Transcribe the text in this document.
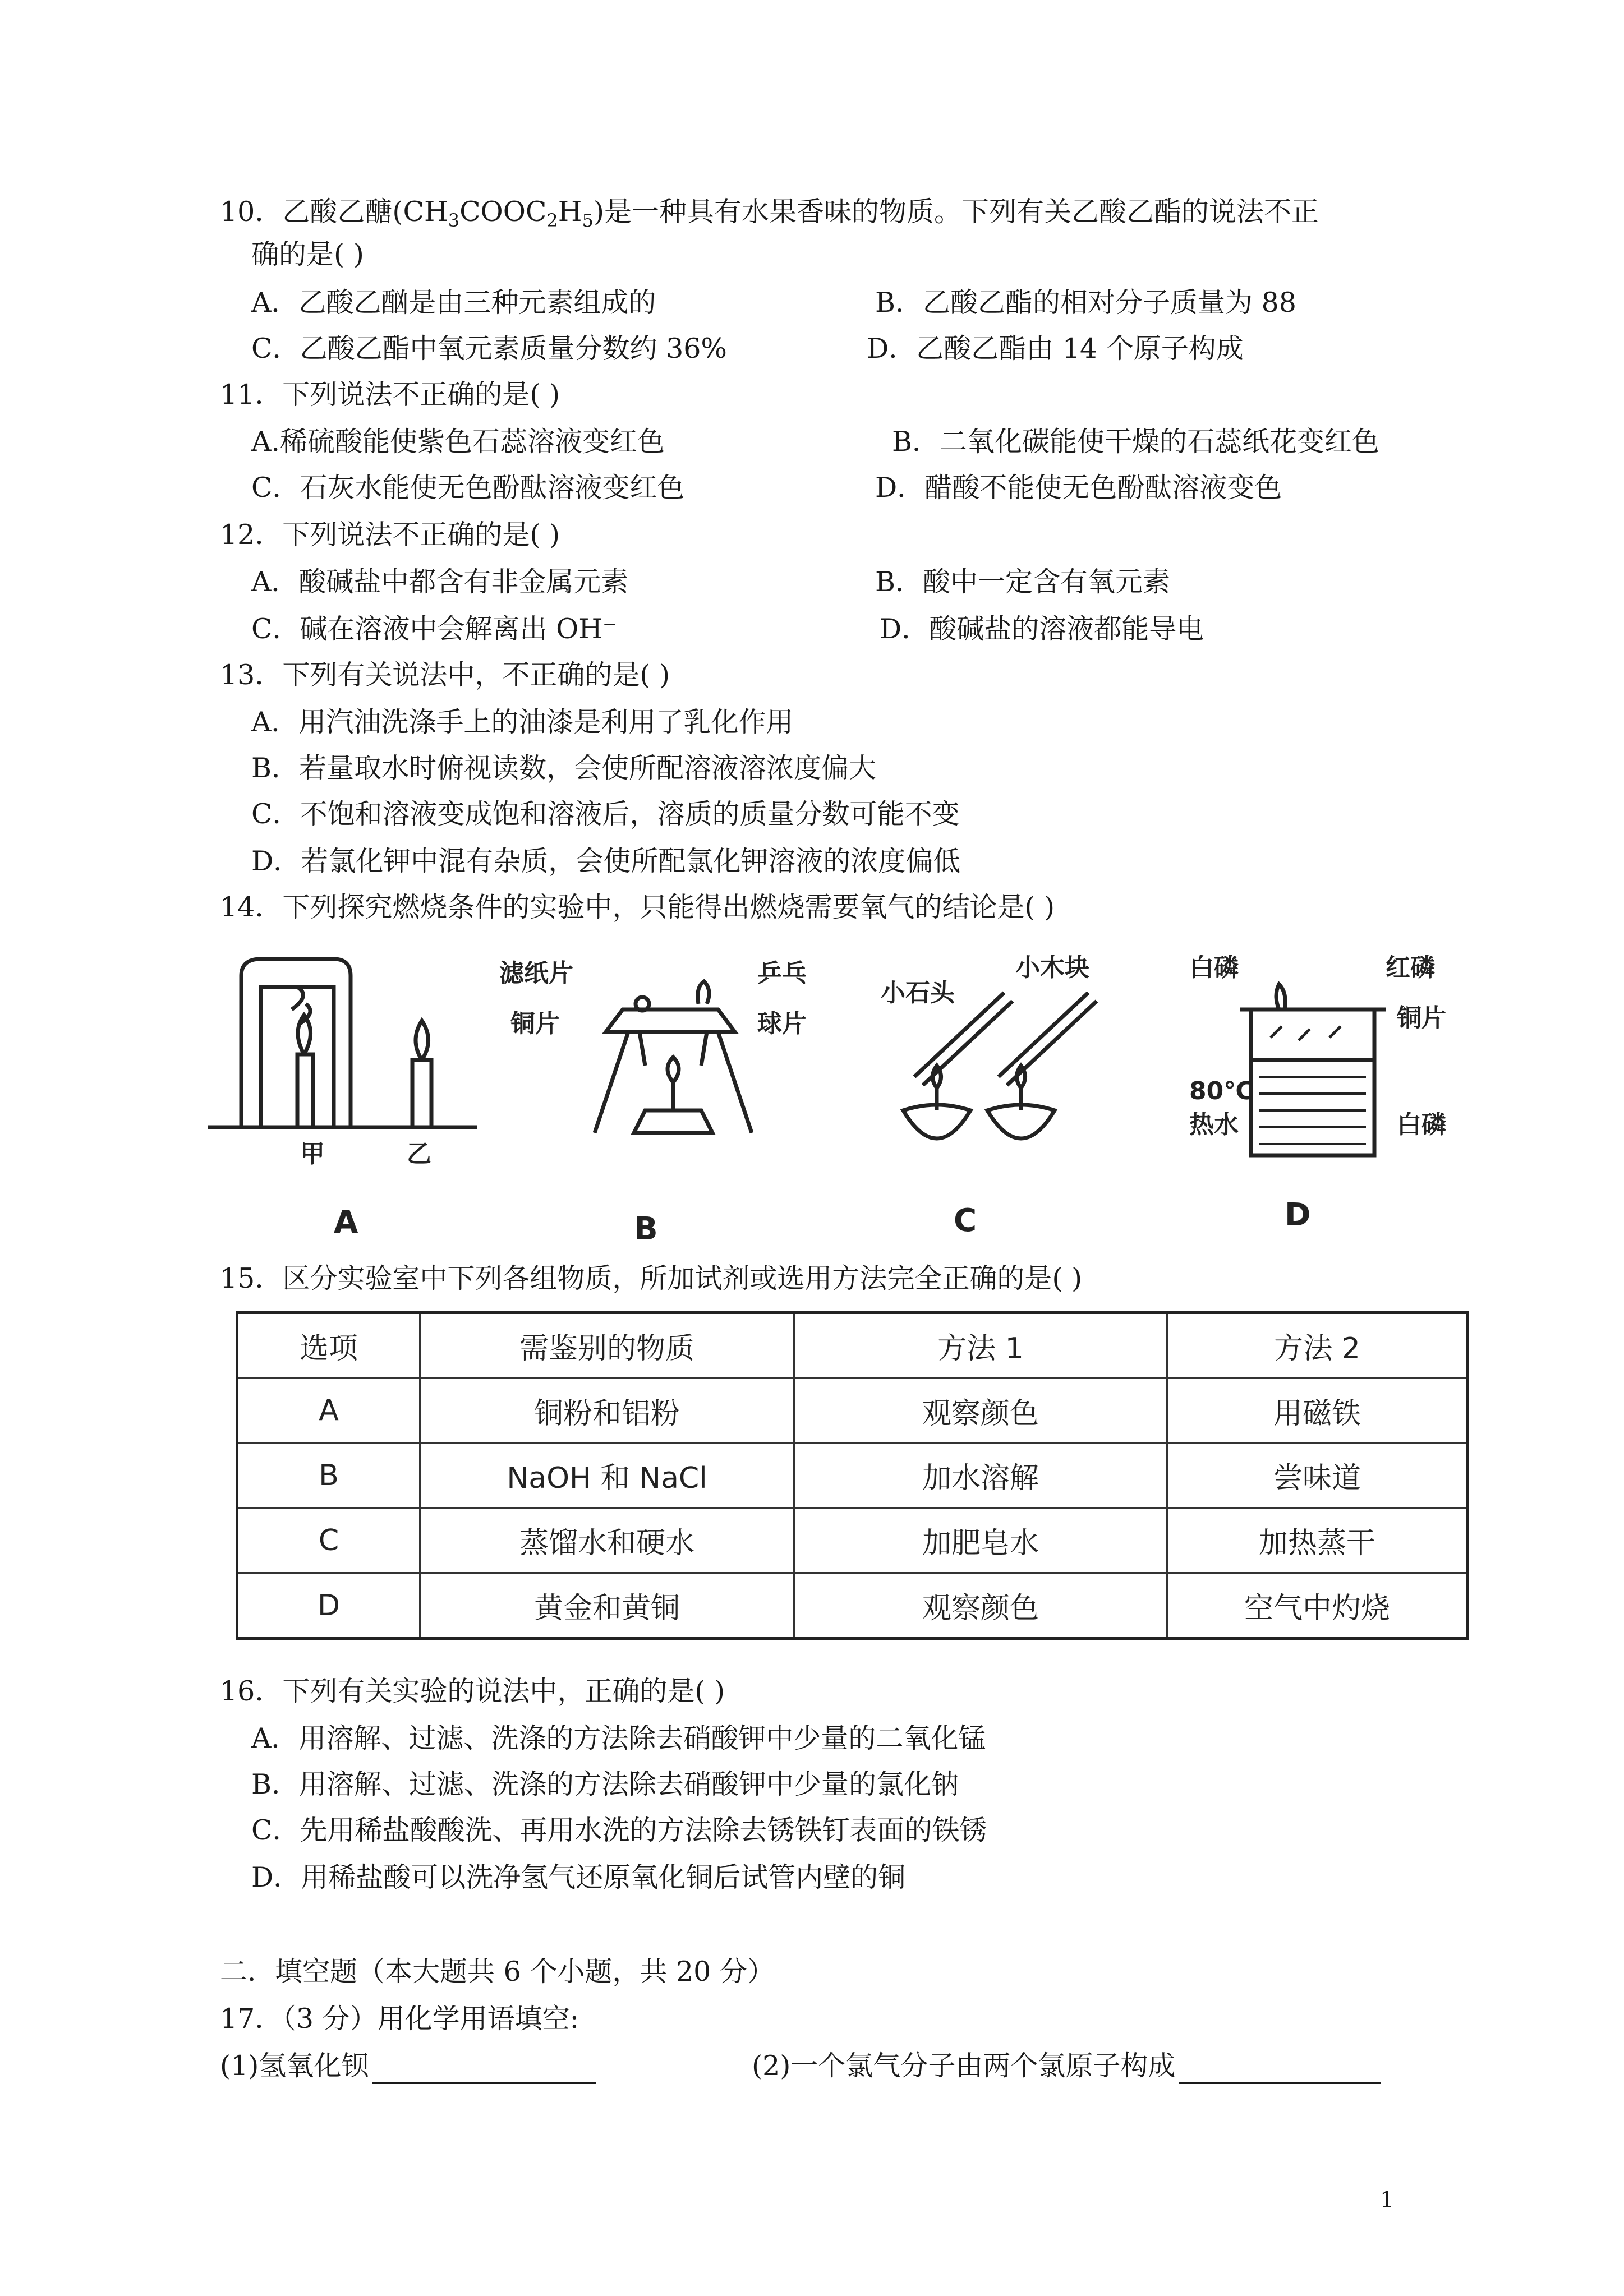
10．乙酸乙醣$(CH_3COOC_2H_5)$是一种具有水果香味的物质。下列有关乙酸乙酯的说法不正
确的是( )
A．乙酸乙酗是由三种元素组成的	B．乙酸乙酯的相对分子质量为 88
C．乙酸乙酯中氧元素质量分数约 36%	D．乙酸乙酯由 14 个原子构成
11．下列说法不正确的是( )
A.稀硫酸能使紫色石蕊溶液变红色	B．二氧化碳能使干燥的石蕊纸花变红色
C．石灰水能使无色酚酞溶液变红色	D．醋酸不能使无色酚酞溶液变色
12．下列说法不正确的是( )
A．酸碱盐中都含有非金属元素	B．酸中一定含有氧元素
C．碱在溶液中会解离出 OH⁻	D．酸碱盐的溶液都能导电
13．下列有关说法中，不正确的是( )
A．用汽油洗涤手上的油漆是利用了乳化作用
B．若量取水时俯视读数，会使所配溶液溶浓度偏大
C．不饱和溶液变成饱和溶液后，溶质的质量分数可能不变
D．若氯化钾中混有杂质，会使所配氯化钾溶液的浓度偏低
14．下列探究燃烧条件的实验中，只能得出燃烧需要氧气的结论是( )
甲	乙
A
滤纸片
铜片
乒乓
球片
B
小石头
小木块
C
白磷	红磷
铜片
80℃
热水	白磷
D
15．区分实验室中下列各组物质，所加试剂或选用方法完全正确的是( )
选项	需鉴别的物质	方法 1	方法 2
A	铜粉和铝粉	观察颜色	用磁铁
B	NaOH 和 NaCl	加水溶解	尝味道
C	蒸馏水和硬水	加肥皂水	加热蒸干
D	黄金和黄铜	观察颜色	空气中灼烧
16．下列有关实验的说法中，正确的是( )
A．用溶解、过滤、洗涤的方法除去硝酸钾中少量的二氧化锰
B．用溶解、过滤、洗涤的方法除去硝酸钾中少量的氯化钠
C．先用稀盐酸酸洗、再用水洗的方法除去锈铁钉表面的铁锈
D．用稀盐酸可以洗净氢气还原氧化铜后试管内壁的铜
二．填空题（本大题共 6 个小题，共 20 分）
17．（3 分）用化学用语填空:
(1)氢氧化钡	(2)一个氯气分子由两个氯原子构成
1
